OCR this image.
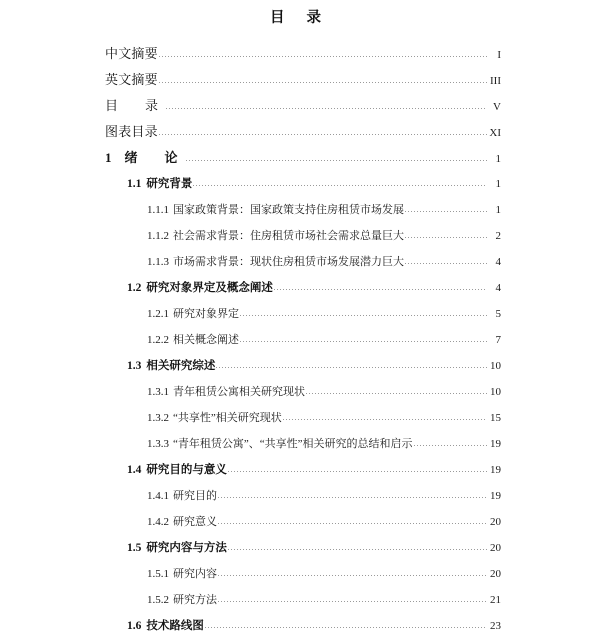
目 录
中文摘要	I
英文摘要	III
目　录	V
图表目录	XI
1 绪　论	1
1.1 研究背景	1
1.1.1 国家政策背景：国家政策支持住房租赁市场发展	1
1.1.2 社会需求背景：住房租赁市场社会需求总量巨大	2
1.1.3 市场需求背景：现状住房租赁市场发展潜力巨大	4
1.2 研究对象界定及概念阐述	4
1.2.1 研究对象界定	5
1.2.2 相关概念阐述	7
1.3 相关研究综述	10
1.3.1 青年租赁公寓相关研究现状	10
1.3.2 “共享性”相关研究现状	15
1.3.3 “青年租赁公寓”、“共享性”相关研究的总结和启示	19
1.4 研究目的与意义	19
1.4.1 研究目的	19
1.4.2 研究意义	20
1.5 研究内容与方法	20
1.5.1 研究内容	20
1.5.2 研究方法	21
1.6 技术路线图	23
